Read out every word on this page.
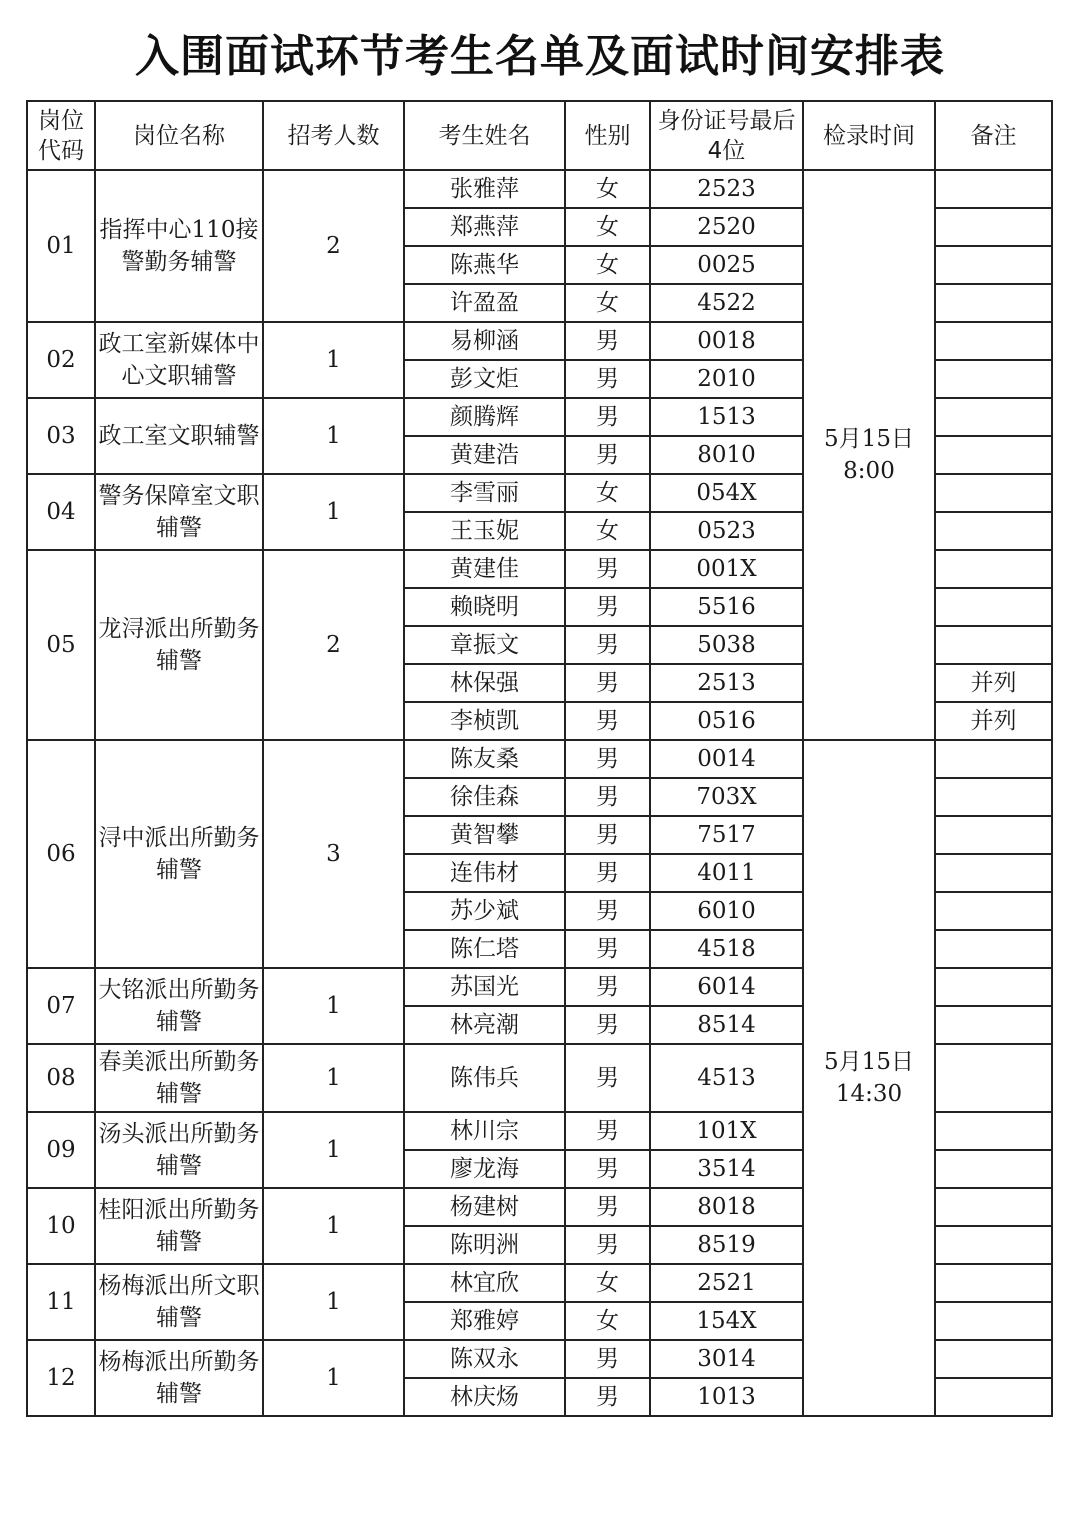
入围面试环节考生名单及面试时间安排表
岗位代码	岗位名称	招考人数	考生姓名	性别	身份证号最后4位	检录时间	备注
01	指挥中心110接警勤务辅警	2	张雅萍	女	2523	5月15日
8:00	

			郑燕萍	女	2520		
			陈燕华	女	0025		
			许盈盈	女	4522		
02	政工室新媒体中心文职辅警	1	易柳涵	男	0018		
			彭文炬	男	2010		
03	政工室文职辅警	1	颜腾辉	男	1513		
			黄建浩	男	8010		
04	警务保障室文职辅警	1	李雪丽	女	054X		
			王玉妮	女	0523		
05	龙浔派出所勤务辅警	2	黄建佳	男	001X		
			赖晓明	男	5516		
			章振文	男	5038		
			林保强	男	2513		并列
			李桢凯	男	0516		并列
06	浔中派出所勤务辅警	3	陈友桑	男	0014	5月15日
14:30	

			徐佳森	男	703X		
			黄智攀	男	7517		
			连伟材	男	4011		
			苏少斌	男	6010		
			陈仁塔	男	4518		
07	大铭派出所勤务辅警	1	苏国光	男	6014		
			林亮潮	男	8514		
08	春美派出所勤务辅警	1	陈伟兵	男	4513		
09	汤头派出所勤务辅警	1	林川宗	男	101X		
			廖龙海	男	3514		
10	桂阳派出所勤务辅警	1	杨建树	男	8018		
			陈明洲	男	8519		
11	杨梅派出所文职辅警	1	林宜欣	女	2521		
			郑雅婷	女	154X		
12	杨梅派出所勤务辅警	1	陈双永	男	3014		
			林庆炀	男	1013		
